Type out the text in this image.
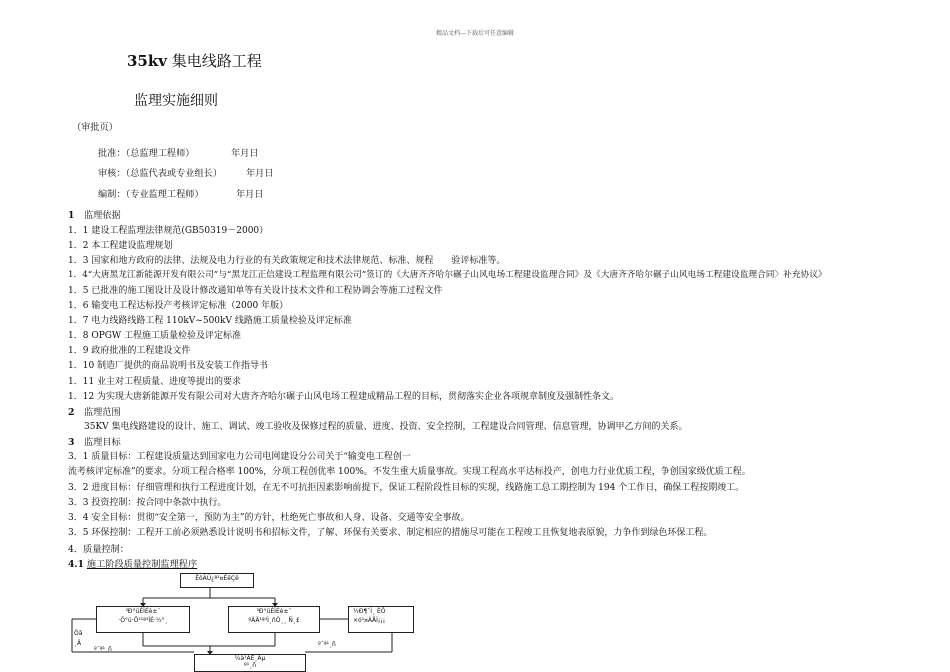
精品文档---下载后可任意编辑
35kv 集电线路工程
监理实施细则
（审批页）
批准：（总监理工程师）	年月日
审核：（总监代表或专业组长）	年月日
编制：（专业监理工程师）	年月日
1 监理依据
1．1 建设工程监理法律规范(GB50319－2000）
1．2 本工程建设监理规划
1．3 国家和地方政府的法律、法规及电力行业的有关政策规定和技术法律规范、标准、规程　　验评标准等。
1．4“大唐黑龙江新能源开发有限公司”与“黑龙江正信建设工程监理有限公司”签订的《大唐齐齐哈尔碾子山风电场工程建设监理合同》及《大唐齐齐哈尔碾子山风电场工程建设监理合同〉补充协议》
1．5 已批准的施工图设计及设计修改通知单等有关设计技术文件和工程协调会等施工过程文件
1．6 输变电工程达标投产考核评定标准（2000 年版）
1．7 电力线路线路工程 110kV~500kV 线路施工质量检验及评定标准
1．8 OPGW 工程施工质量检验及评定标准
1．9 政府批准的工程建设文件
1．10 制造厂提供的商品说明书及安装工作指导书
1．11 业主对工程质量、进度等提出的要求
1．12 为实现大唐新能源开发有限公司对大唐齐齐哈尔碾子山风电场工程建成精品工程的目标，贯彻落实企业各项规章制度及强制性条文。
2 监理范围
35KV 集电线路建设的设计、施工、调试、竣工验收及保修过程的质量、进度、投资、安全控制，工程建设合同管理、信息管理，协调甲乙方间的关系。
3 监理目标
3．1 质量目标：工程建设质量达到国家电力公司电网建设分公司关于“输变电工程创一
流考核评定标准”的要求。分项工程合格率 100%，分项工程创优率 100%。不发生重大质量事故。实现工程高水平达标投产，创电力行业优质工程，争创国家级优质工程。
3．2 进度目标：仔细管理和执行工程进度计划，在无不可抗拒因素影响前提下，保证工程阶段性目标的实现，线路施工总工期控制为 194 个工作日，确保工程按期竣工。
3．3 投资控制：按合同中条款中执行。
3．4 安全目标：贯彻“安全第一，预防为主”的方针，杜绝死亡事故和人身、设备、交通等安全事故。
3．5 环保控制：工程开工前必须熟悉设计说明书和招标文件，了解、环保有关要求、制定相应的措施尽可能在工程竣工且恢复地表原貌，力争作到绿色环保工程。
4．质量控制：
4.1 施工阶段质量控制监理程序
ÊöÀÚ¿ª¹¤ÉêÇë
³Ð°üÉÌÉè±¨
·Ö°ü·Ö²¹ª³ÌÉ·½°¸
³Ð°üÉÌÉè±¨
ºÀÄ¹ª³Ì¸ñÒ¸¸ Ñ¸£
½Ð¶¯Ì¸ ÈÖ
×ó¹¤ÀÅÌ¡¡¡
Öã
¸Ä
º¯ª¹¸ñ
º¯ª¹¸ñ
¼à¹ÀÉ¸Ãµ
º¹¸ñ
